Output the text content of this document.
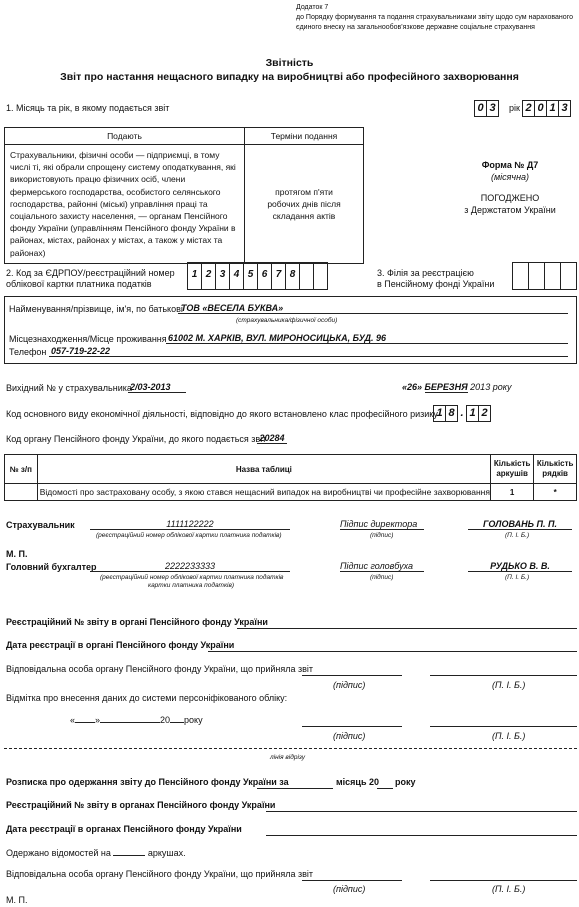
Додаток 7
до Порядку формування та подання страхувальниками звіту щодо сум нарахованого
єдиного внеску на загальнообов'язкове державне соціальне страхування
Звітність
Звіт про настання нещасного випадку на виробництві або професійного захворювання
1. Місяць та рік, в якому подається звіт	0 3 рік 2 0 1 3
Подають	Терміни подання
Страхувальники, фізичні особи — підприємці, в тому числі ті, які обрали спрощену систему оподаткування, які використовують працю фізичних осіб, члени фермерського господарства, особистого селянського господарства, районні (міські) управління праці та соціального захисту населення, — органам Пенсійного фонду України (управлінням Пенсійного фонду України в районах, містах, районах у містах, а також у містах та районах)	протягом п'яти робочих днів після складання актів
Форма № Д7
(місячна)
ПОГОДЖЕНО
з Держстатом України
2. Код за ЄДРПОУ/реєстраційний номер
облікової картки платника податків
1 2 3 4 5 6 7 8	3. Філія за реєстрацією
в Пенсійному фонді України
Найменування/прізвище, ім'я, по батькові
ТОВ «ВЕСЕЛА БУКВА»
(страхувальника/фізичної особи)
Місцезнаходження/Місце проживання 61002 М. ХАРКІВ, ВУЛ. МИРОНОСИЦЬКА, БУД. 96
Телефон 057-719-22-22
Вихідний № у страхувальника
2/03-2013	«26» БЕРЕЗНЯ 2013 року
Код основного виду економічної діяльності, відповідно до якого встановлено клас професійного ризику
1 8 . 1 2
Код органу Пенсійного фонду України, до якого подається звіт
20284
№ з/п	Назва таблиці	Кількість аркушів	Кількість рядків
	Відомості про застраховану особу, з якою стався нещасний випадок на виробництві чи професійне захворювання	1	*
Страхувальник	1111122222
(реєстраційний номер облікової картки платника податків)
Підпис директора
(підпис)
ГОЛОВАНЬ П. П.
(П. І. Б.)
М. П.
Головний бухгалтер	2222233333
(реєстраційний номер облікової картки платника податків
картки платника податків)
Підпис головбуха
(підпис)
РУДЬКО В. В.
(П. І. Б.)
Реєстраційний № звіту в органі Пенсійного фонду України
Дата реєстрації в органі Пенсійного фонду України
Відповідальна особа органу Пенсійного фонду України, що прийняла звіт
(підпис)	(П. І. Б.)
Відмітка про внесення даних до системи персоніфікованого обліку:
« »	20 року
(підпис)	(П. І. Б.)
лінія відрізу
Розписка про одержання звіту до Пенсійного фонду України за	місяць 20 року
Реєстраційний № звіту в органах Пенсійного фонду України
Дата реєстрації в органах Пенсійного фонду України
Одержано відомостей на	аркушах.
Відповідальна особа органу Пенсійного фонду України, що прийняла звіт
(підпис)	(П. І. Б.)
М. П.
